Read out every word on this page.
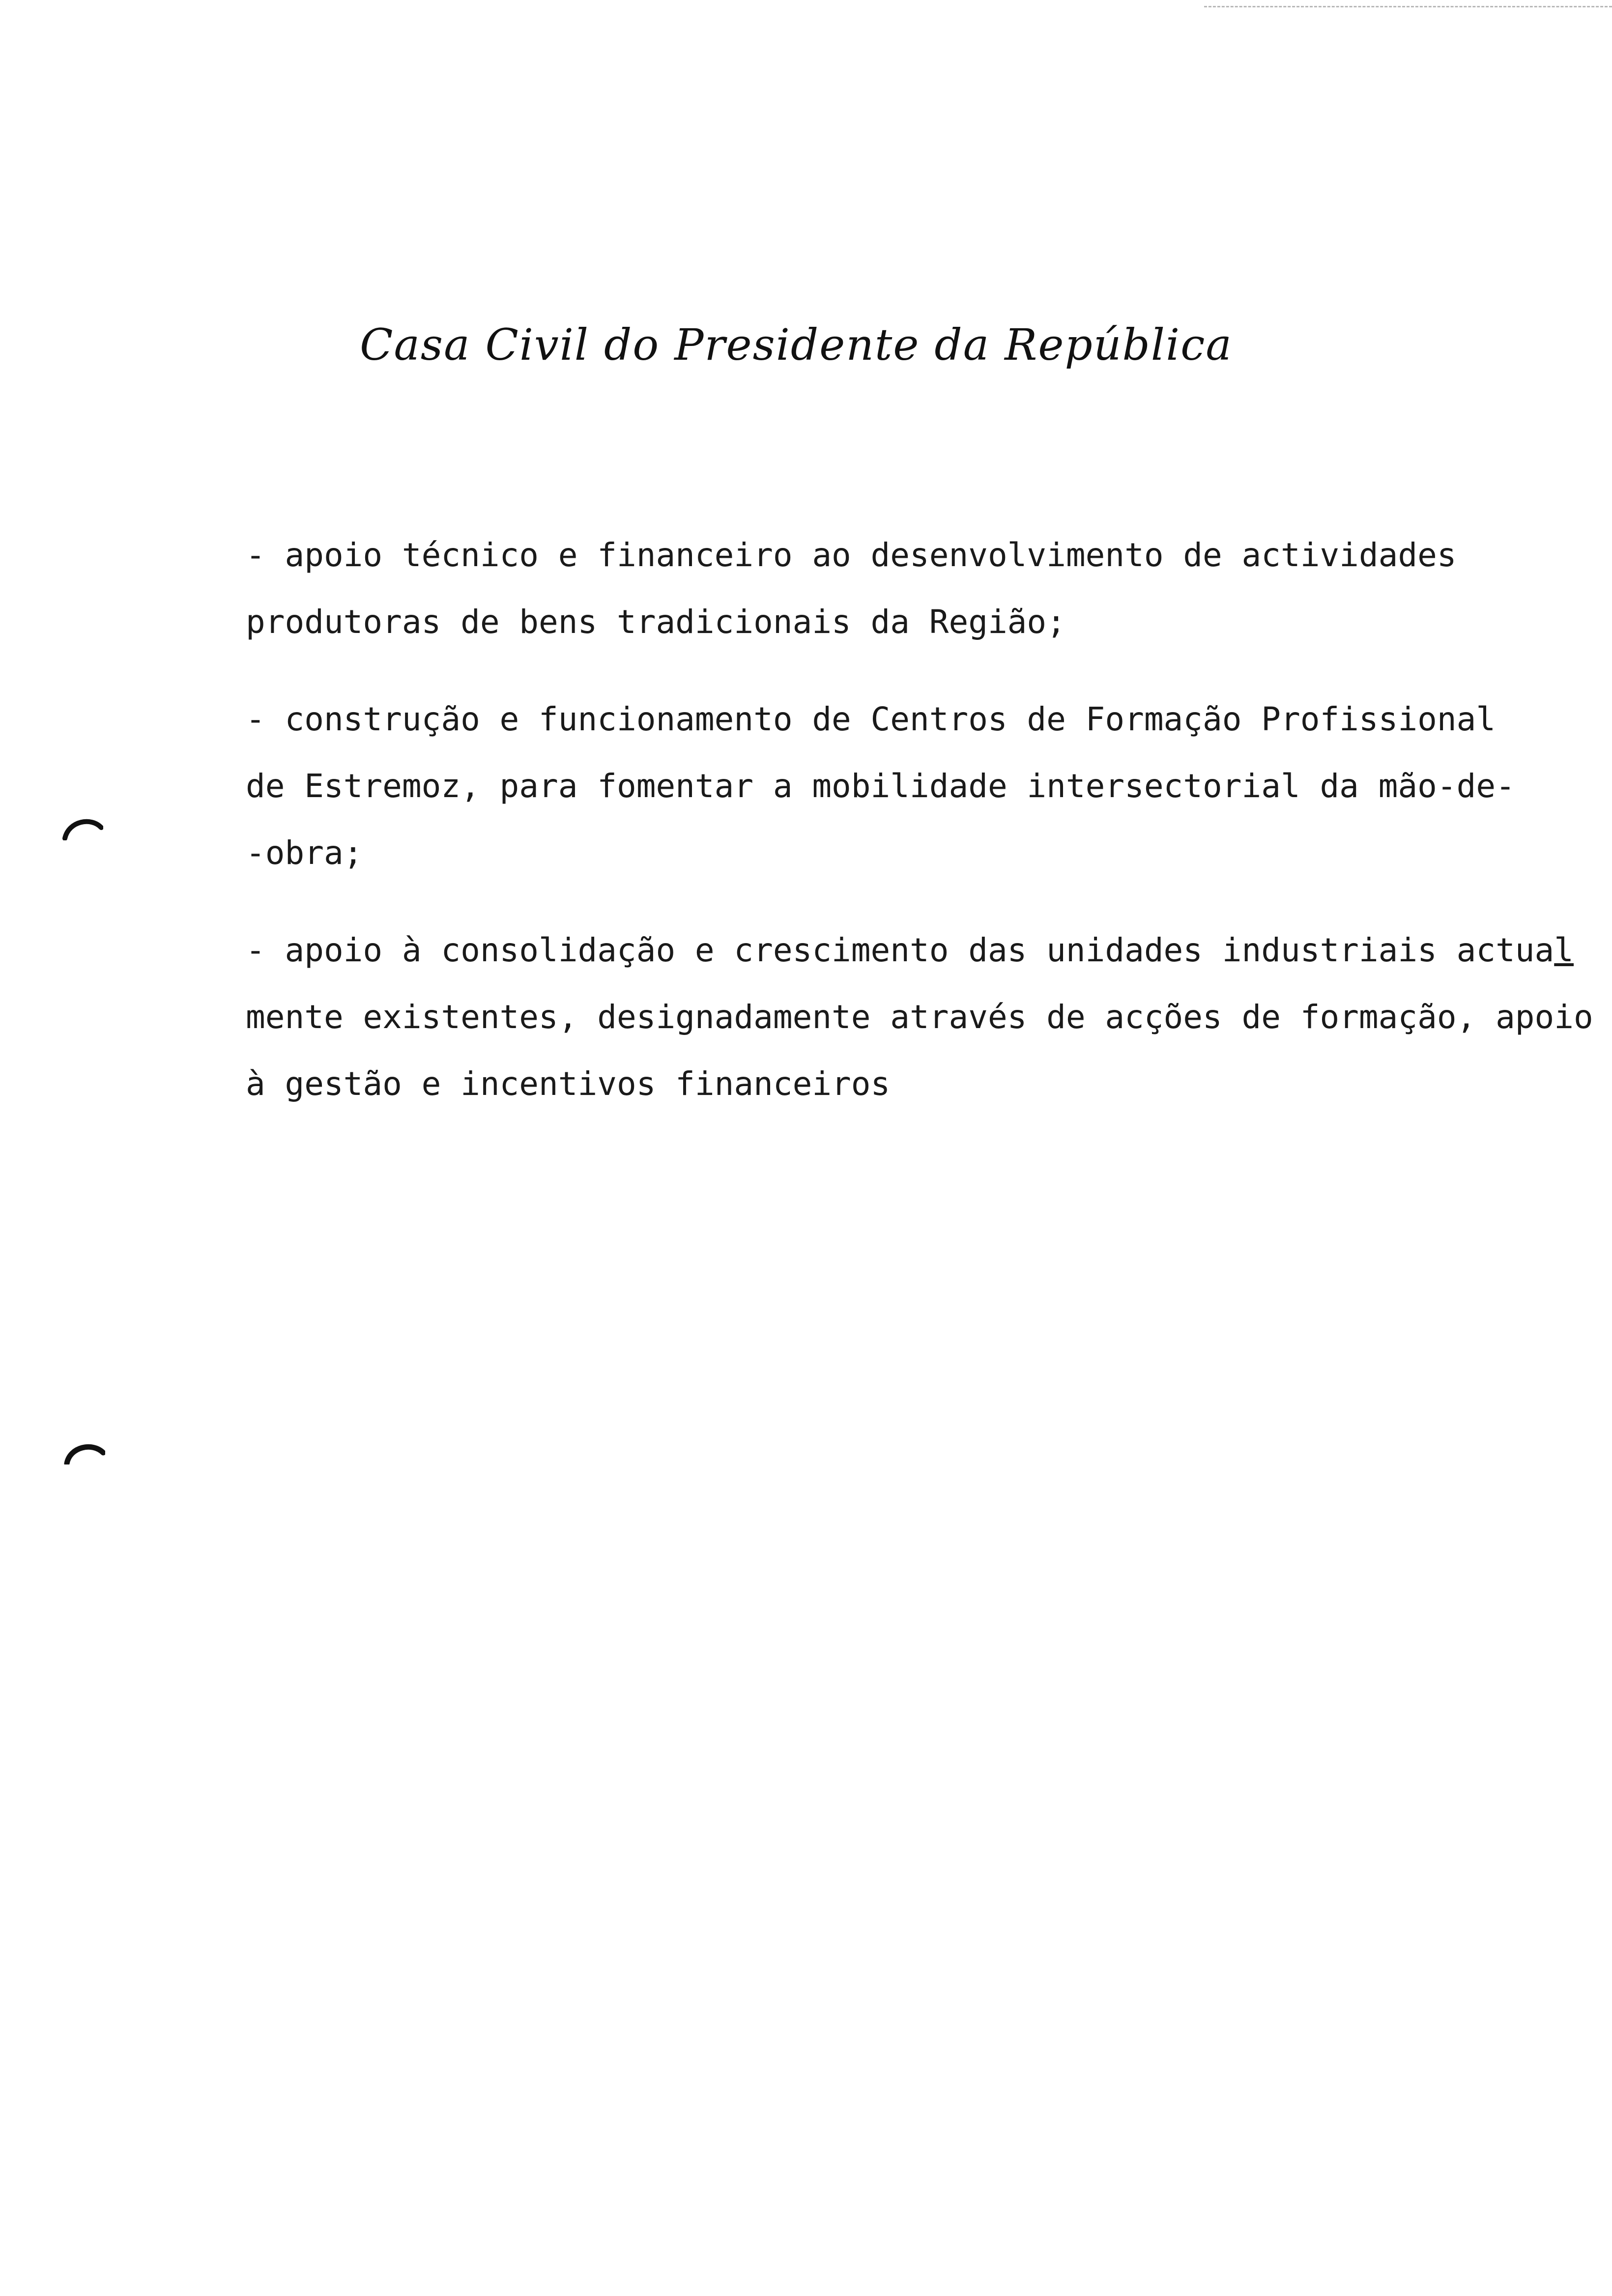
Casa Civil do Presidente da República
- apoio técnico e financeiro ao desenvolvimento de actividades
produtoras de bens tradicionais da Região;
- construção e funcionamento de Centros de Formação Profissional
de Estremoz, para fomentar a mobilidade intersectorial da mão-de-
-obra;
- apoio à consolidação e crescimento das unidades industriais actual
mente existentes, designadamente através de acções de formação, apoio
à gestão e incentivos financeiros
